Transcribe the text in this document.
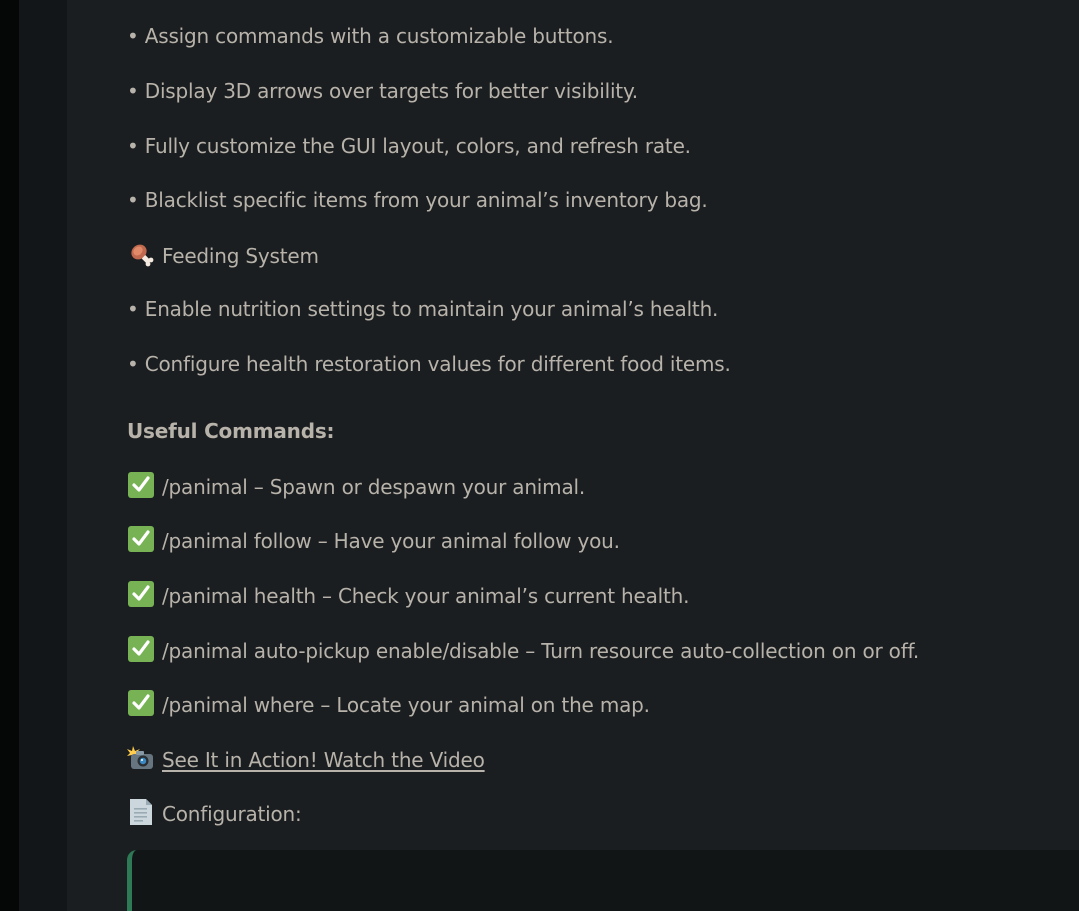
• Assign commands with a customizable buttons.
• Display 3D arrows over targets for better visibility.
• Fully customize the GUI layout, colors, and refresh rate.
• Blacklist specific items from your animal’s inventory bag.
Feeding System
• Enable nutrition settings to maintain your animal’s health.
• Configure health restoration values for different food items.
Useful Commands:
/panimal – Spawn or despawn your animal.
/panimal follow – Have your animal follow you.
/panimal health – Check your animal’s current health.
/panimal auto-pickup enable/disable – Turn resource auto-collection on or off.
/panimal where – Locate your animal on the map.
See It in Action! Watch the Video
Configuration:
